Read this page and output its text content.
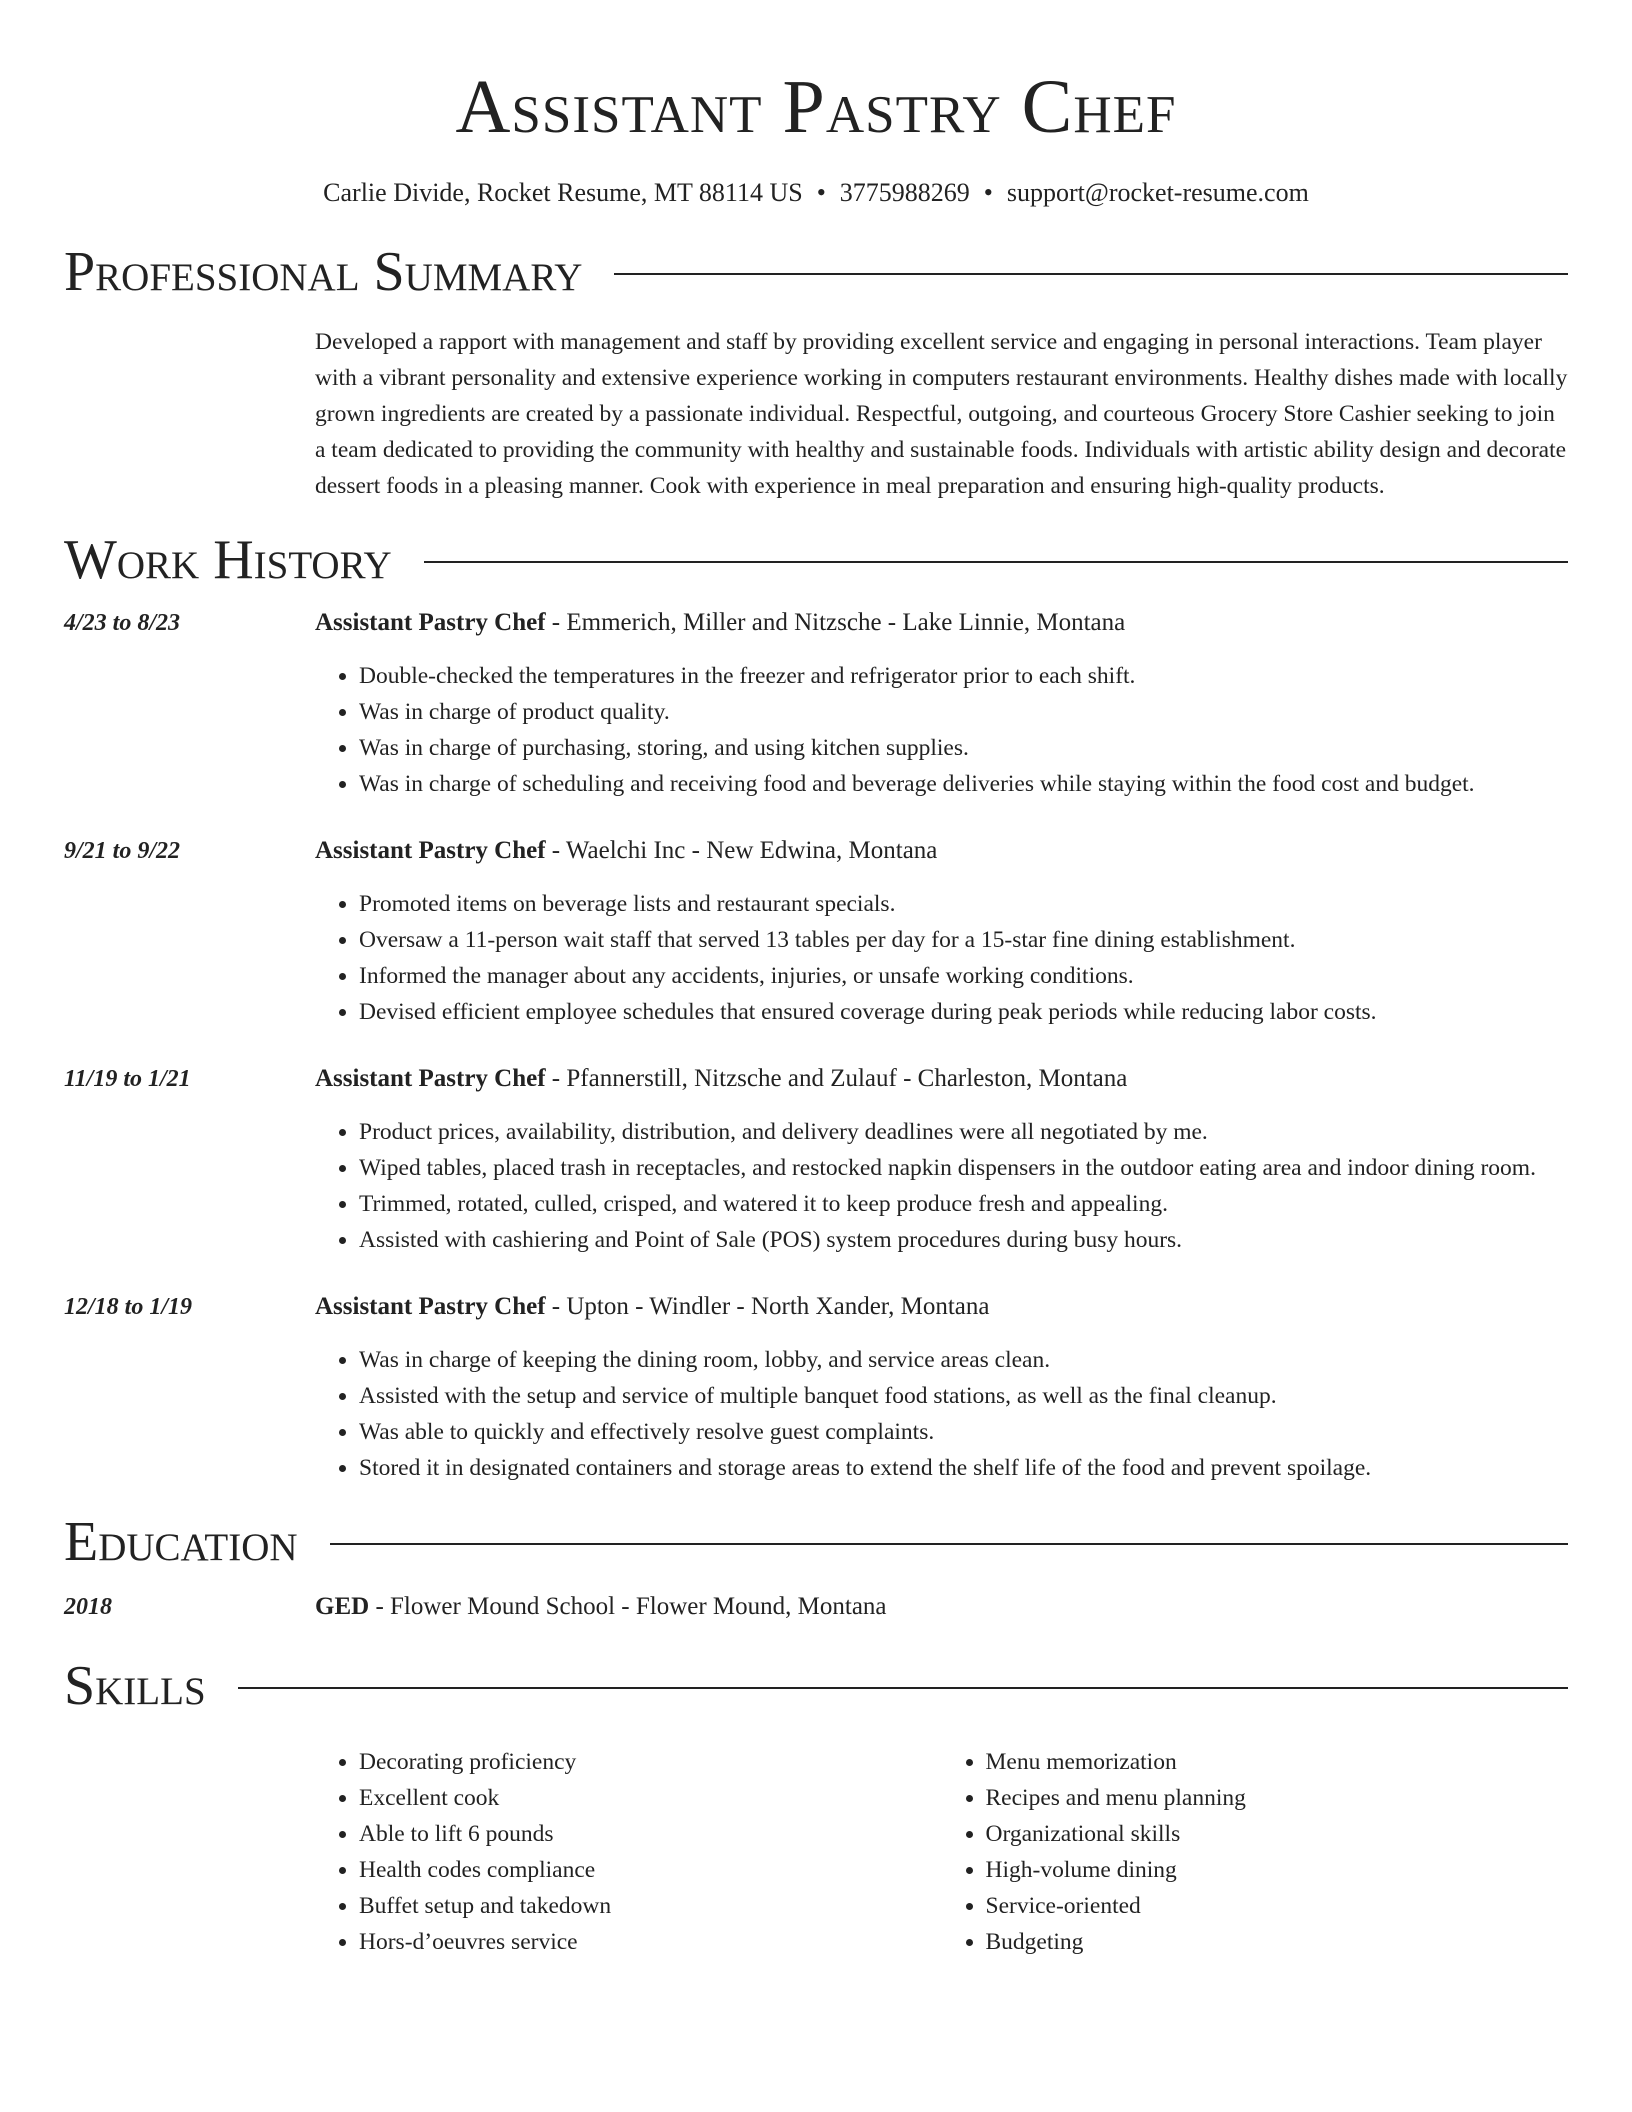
Assistant Pastry Chef
Carlie Divide, Rocket Resume, MT 88114 US • 3775988269 • support@rocket-resume.com
Professional Summary
Developed a rapport with management and staff by providing excellent service and engaging in personal interactions. Team player with a vibrant personality and extensive experience working in computers restaurant environments. Healthy dishes made with locally grown ingredients are created by a passionate individual. Respectful, outgoing, and courteous Grocery Store Cashier seeking to join a team dedicated to providing the community with healthy and sustainable foods. Individuals with artistic ability design and decorate dessert foods in a pleasing manner. Cook with experience in meal preparation and ensuring high-quality products.
Work History
4/23 to 8/23	Assistant Pastry Chef - Emmerich, Miller and Nitzsche - Lake Linnie, Montana
• Double-checked the temperatures in the freezer and refrigerator prior to each shift.
• Was in charge of product quality.
• Was in charge of purchasing, storing, and using kitchen supplies.
• Was in charge of scheduling and receiving food and beverage deliveries while staying within the food cost and budget.
9/21 to 9/22	Assistant Pastry Chef - Waelchi Inc - New Edwina, Montana
• Promoted items on beverage lists and restaurant specials.
• Oversaw a 11-person wait staff that served 13 tables per day for a 15-star fine dining establishment.
• Informed the manager about any accidents, injuries, or unsafe working conditions.
• Devised efficient employee schedules that ensured coverage during peak periods while reducing labor costs.
11/19 to 1/21	Assistant Pastry Chef - Pfannerstill, Nitzsche and Zulauf - Charleston, Montana
• Product prices, availability, distribution, and delivery deadlines were all negotiated by me.
• Wiped tables, placed trash in receptacles, and restocked napkin dispensers in the outdoor eating area and indoor dining room.
• Trimmed, rotated, culled, crisped, and watered it to keep produce fresh and appealing.
• Assisted with cashiering and Point of Sale (POS) system procedures during busy hours.
12/18 to 1/19	Assistant Pastry Chef - Upton - Windler - North Xander, Montana
• Was in charge of keeping the dining room, lobby, and service areas clean.
• Assisted with the setup and service of multiple banquet food stations, as well as the final cleanup.
• Was able to quickly and effectively resolve guest complaints.
• Stored it in designated containers and storage areas to extend the shelf life of the food and prevent spoilage.
Education
2018	GED - Flower Mound School - Flower Mound, Montana
Skills
• Decorating proficiency
• Excellent cook
• Able to lift 6 pounds
• Health codes compliance
• Buffet setup and takedown
• Hors-d’oeuvres service
• Menu memorization
• Recipes and menu planning
• Organizational skills
• High-volume dining
• Service-oriented
• Budgeting
